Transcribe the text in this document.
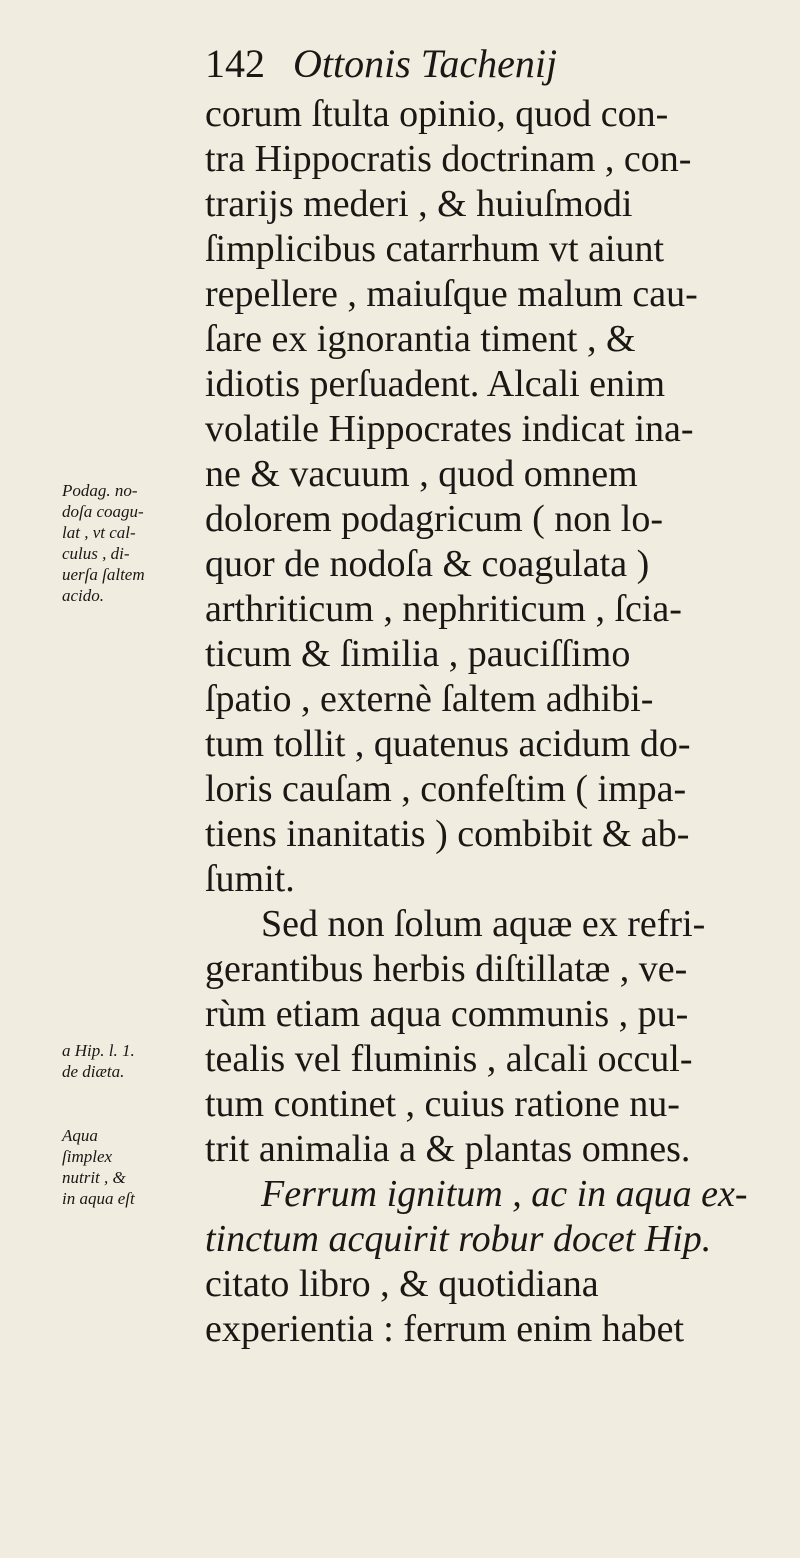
142 Ottonis Tachenij
corum ſtulta opinio, quod con-
tra Hippocratis doctrinam , con-
trarijs mederi , & huiuſmodi
ſimplicibus catarrhum vt aiunt
repellere , maiuſque malum cau-
ſare ex ignorantia timent , &
idiotis perſuadent. Alcali enim
volatile Hippocrates indicat ina-
ne & vacuum , quod omnem
dolorem podagricum ( non lo-
quor de nodoſa & coagulata )
arthriticum , nephriticum , ſcia-
ticum & ſimilia , pauciſſimo
ſpatio , externè ſaltem adhibi-
tum tollit , quatenus acidum do-
loris cauſam , confeſtim ( impa-
tiens inanitatis ) combibit & ab-
ſumit.
Sed non ſolum aquæ ex refri-
gerantibus herbis diſtillatæ , ve-
rùm etiam aqua communis , pu-
tealis vel fluminis , alcali occul-
tum continet , cuius ratione nu-
trit animalia a & plantas omnes.
Ferrum ignitum , ac in aqua ex-
tinctum acquirit robur docet Hip.
citato libro , & quotidiana
experientia : ferrum enim habet
Podag. no-
doſa coagu-
lat , vt cal-
culus , di-
uerſa ſaltem
acido.
a Hip. l. 1.
de diæta.
Aqua
ſimplex
nutrit , &
in aqua eſt
